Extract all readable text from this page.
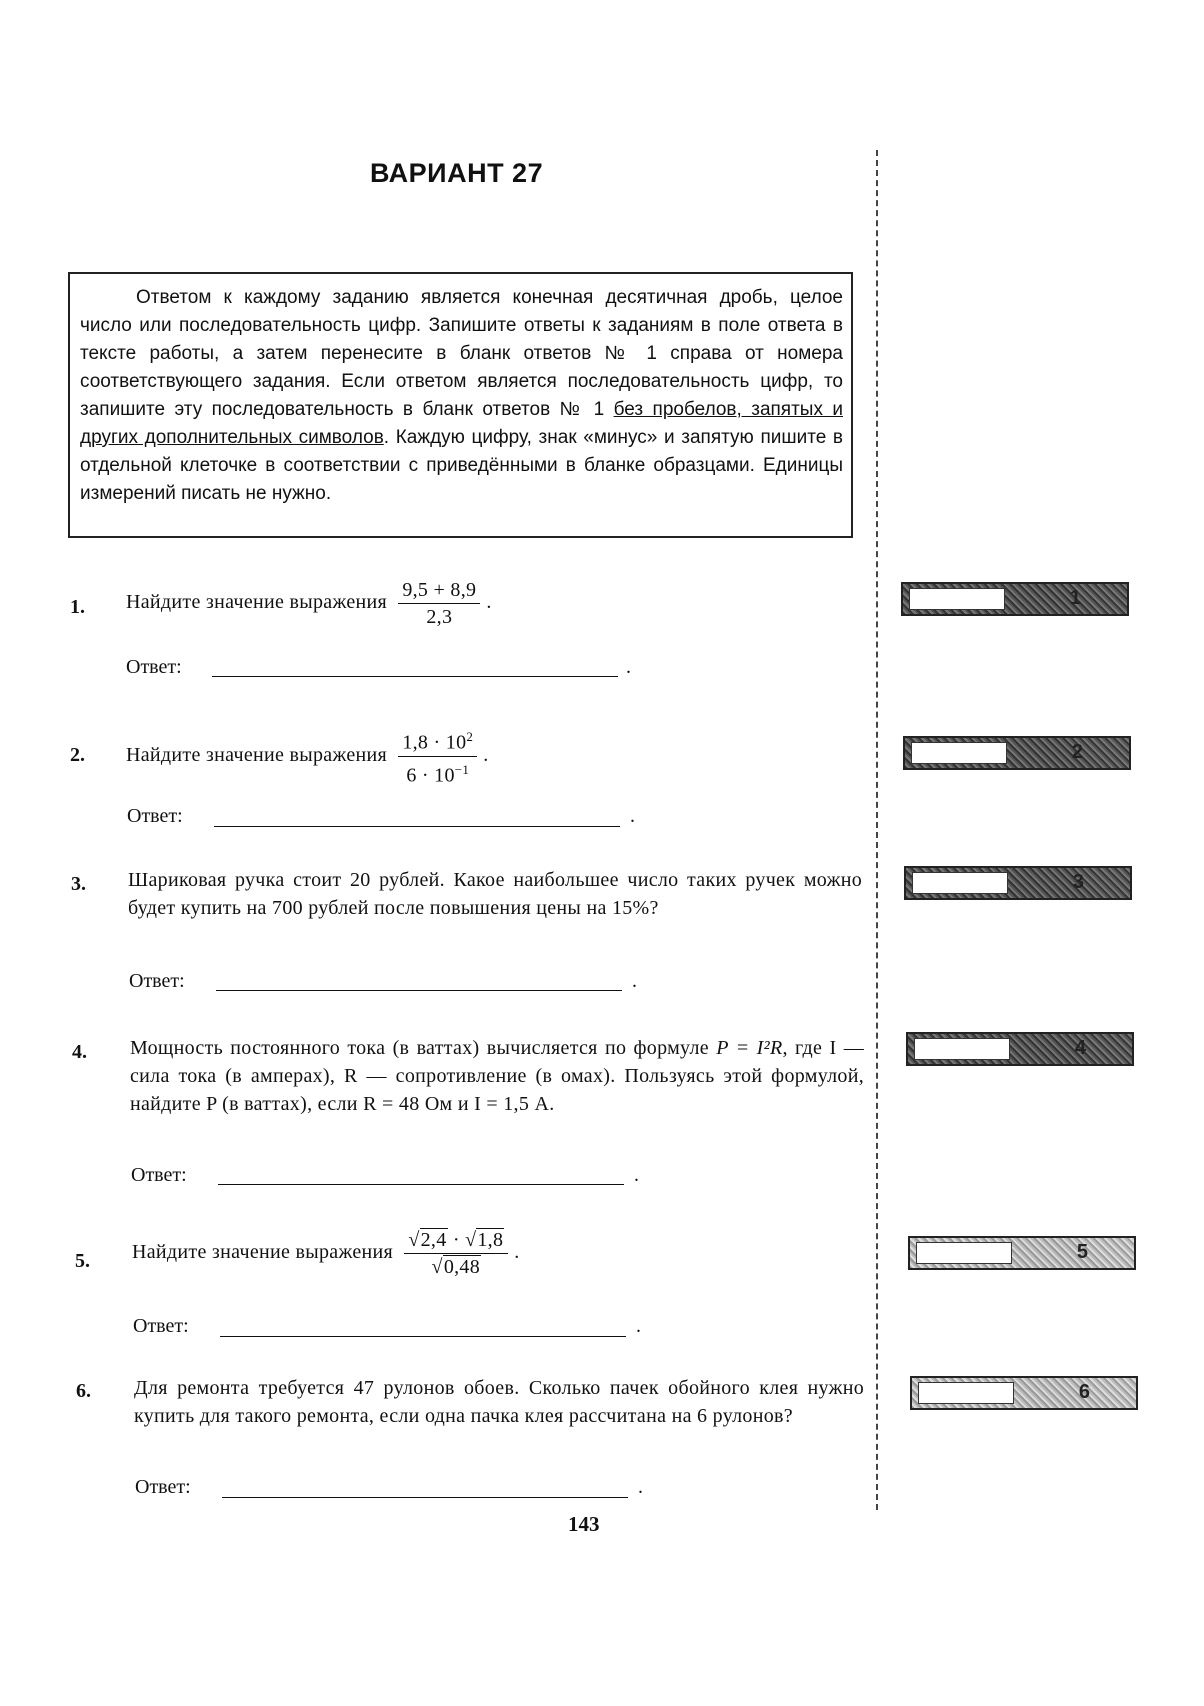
ВАРИАНТ 27
Ответом к каждому заданию является конечная десятичная дробь, целое число или последовательность цифр. Запишите ответы к заданиям в поле ответа в тексте работы, а затем перенесите в бланк ответов № 1 справа от номера соответствующего задания. Если ответом является последовательность цифр, то запишите эту последовательность в бланк ответов № 1 без пробелов, запятых и других дополнительных символов. Каждую цифру, знак «минус» и запятую пишите в отдельной клеточке в соответствии с приведёнными в бланке образцами. Единицы измерений писать не нужно.
1. Найдите значение выражения $\frac{9,5 + 8,9}{2,3}$ .
Ответ:	.
1
2. Найдите значение выражения $\frac{1,8 \cdot 10^2}{6 \cdot 10^{-1}}$ .
Ответ:	.
2
3. Шариковая ручка стоит 20 рублей. Какое наибольшее число таких ручек можно будет купить на 700 рублей после повышения цены на 15%?
Ответ:	.
3
4. Мощность постоянного тока (в ваттах) вычисляется по формуле P = I²R, где I — сила тока (в амперах), R — сопротивление (в омах). Пользуясь этой формулой, найдите P (в ваттах), если R = 48 Ом и I = 1,5 А.
Ответ:	.
4
5. Найдите значение выражения $\frac{√2,4 \cdot √1,8}{√0,48}$ .
Ответ:	.
5
6. Для ремонта требуется 47 рулонов обоев. Сколько пачек обойного клея нужно купить для такого ремонта, если одна пачка клея рассчитана на 6 рулонов?
Ответ:	.
6
143
